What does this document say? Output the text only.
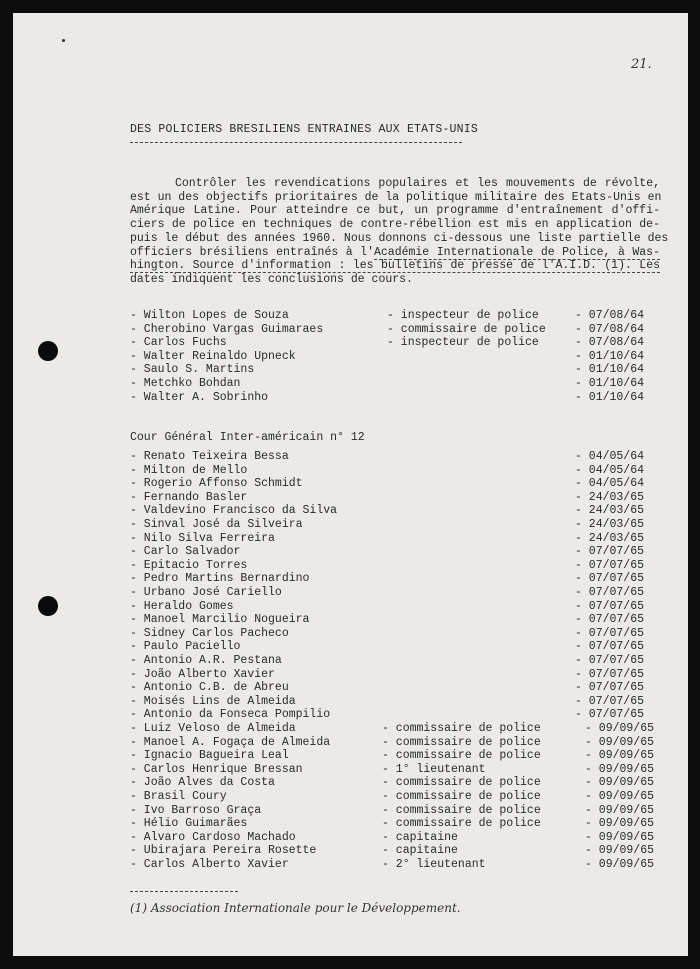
21.
DES POLICIERS BRESILIENS ENTRAINES AUX ETATS-UNIS
Contrôler les revendications populaires et les mouvements de révolte,
est un des objectifs prioritaires de la politique militaire des Etats-Unis en
Amérique Latine. Pour atteindre ce but, un programme d'entraînement d'offi-
ciers de police en techniques de contre-rébellion est mis en application de-
puis le début des années 1960. Nous donnons ci-dessous une liste partielle des
officiers brésiliens entraînés à l'Académie Internationale de Police, à Was-
hington. Source d'information : les bulletins de presse de l'A.I.D. (1). Les
dates indiquent les conclusions de cours.
- Wilton Lopes de Souza	- inspecteur de police	- 07/08/64
- Cherobino Vargas Guimaraes	- commissaire de police	- 07/08/64
- Carlos Fuchs	- inspecteur de police	- 07/08/64
- Walter Reinaldo Upneck	- 01/10/64
- Saulo S. Martins	- 01/10/64
- Metchko Bohdan	- 01/10/64
- Walter A. Sobrinho	- 01/10/64
Cour Général Inter-américain n° 12
- Renato Teixeira Bessa	- 04/05/64
- Milton de Mello	- 04/05/64
- Rogerio Affonso Schmidt	- 04/05/64
- Fernando Basler	- 24/03/65
- Valdevino Francisco da Silva	- 24/03/65
- Sinval José da Silveira	- 24/03/65
- Nilo Silva Ferreira	- 24/03/65
- Carlo Salvador	- 07/07/65
- Epitacio Torres	- 07/07/65
- Pedro Martins Bernardino	- 07/07/65
- Urbano José Cariello	- 07/07/65
- Heraldo Gomes	- 07/07/65
- Manoel Marcilio Nogueira	- 07/07/65
- Sidney Carlos Pacheco	- 07/07/65
- Paulo Paciello	- 07/07/65
- Antonio A.R. Pestana	- 07/07/65
- João Alberto Xavier	- 07/07/65
- Antonio C.B. de Abreu	- 07/07/65
- Moisés Lins de Almeida	- 07/07/65
- Antonio da Fonseca Pompilio	- 07/07/65
- Luiz Veloso de Almeida	- commissaire de police	- 09/09/65
- Manoel A. Fogaça de Almeida	- commissaire de police	- 09/09/65
- Ignacio Bagueira Leal	- commissaire de police	- 09/09/65
- Carlos Henrique Bressan	- 1° lieutenant	- 09/09/65
- João Alves da Costa	- commissaire de police	- 09/09/65
- Brasil Coury	- commissaire de police	- 09/09/65
- Ivo Barroso Graça	- commissaire de police	- 09/09/65
- Hélio Guimarães	- commissaire de police	- 09/09/65
- Alvaro Cardoso Machado	- capitaine	- 09/09/65
- Ubirajara Pereira Rosette	- capitaine	- 09/09/65
- Carlos Alberto Xavier	- 2° lieutenant	- 09/09/65
(1) Association Internationale pour le Développement.
